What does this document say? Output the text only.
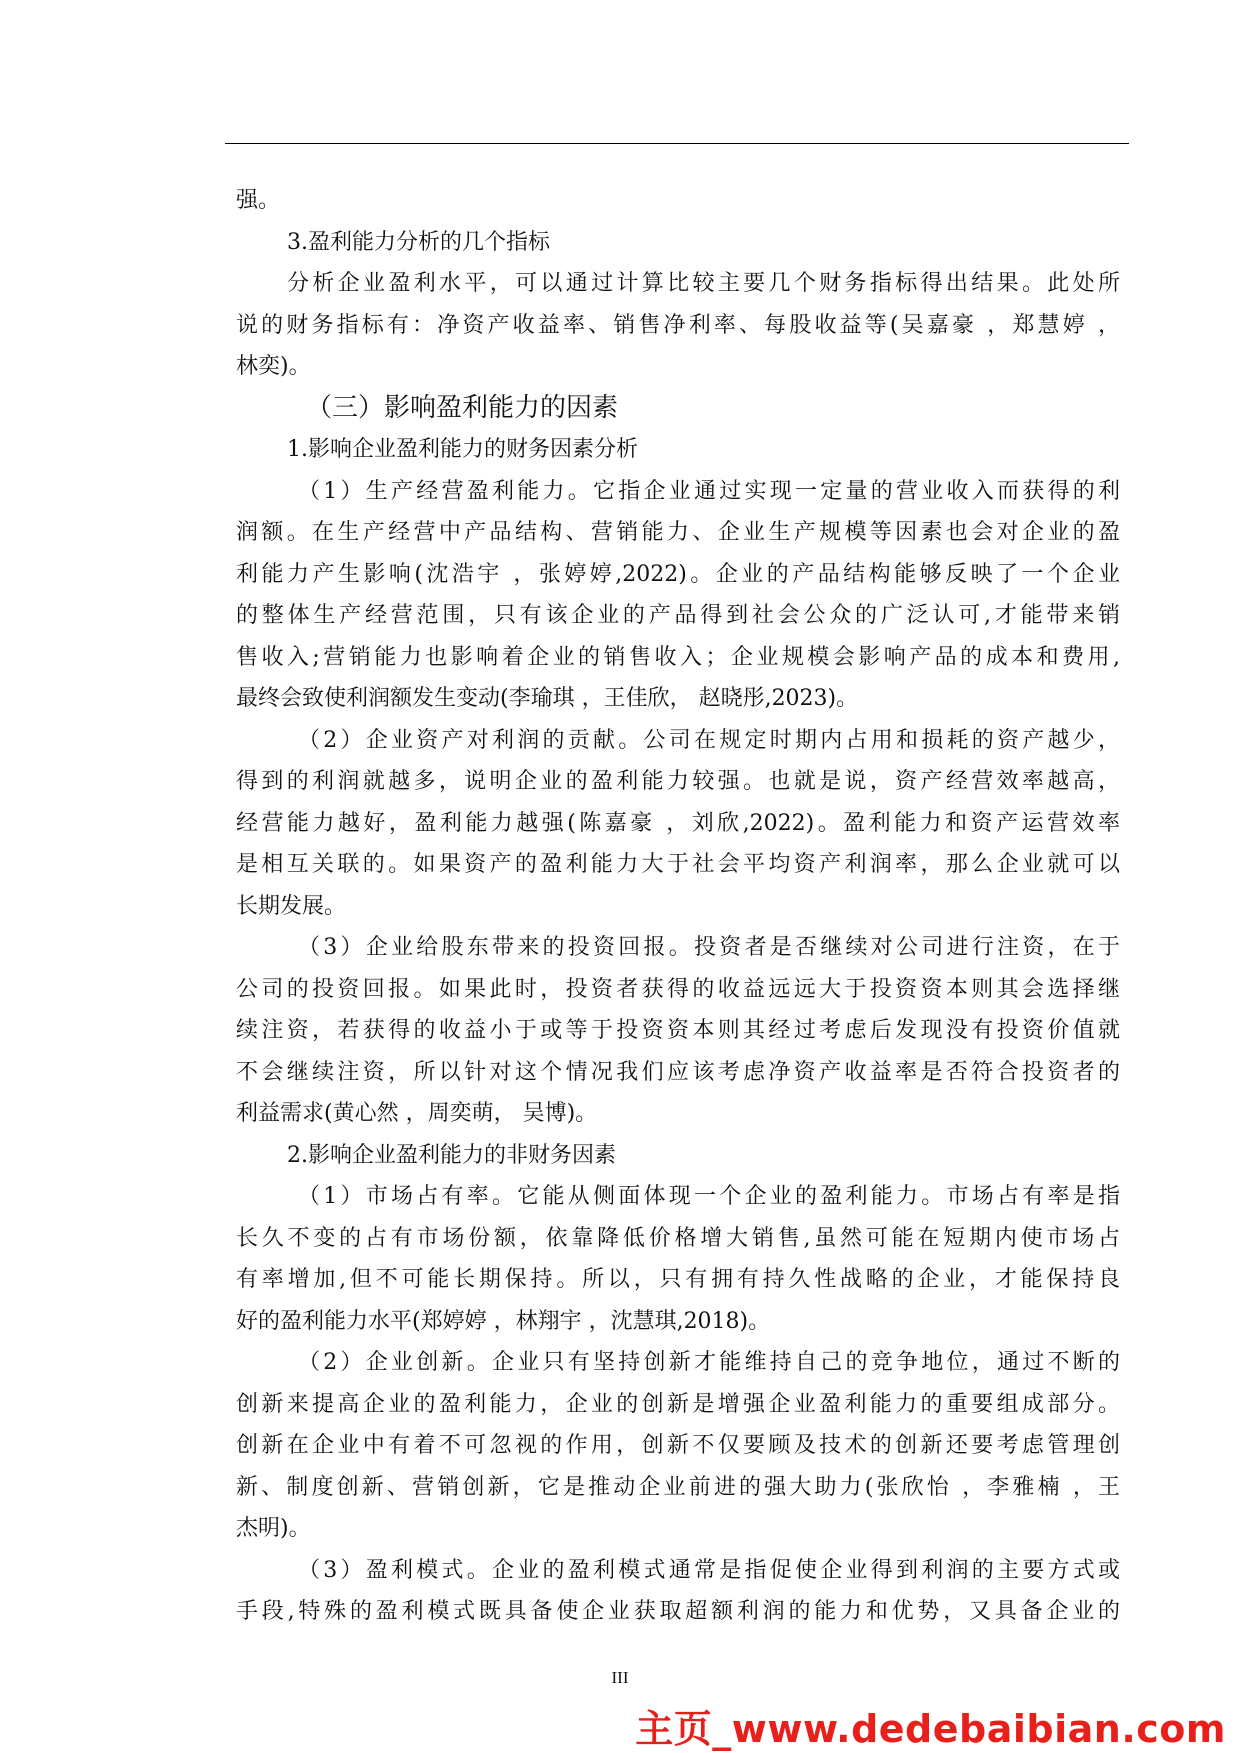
强。
3.盈利能力分析的几个指标
分析企业盈利水平，可以通过计算比较主要几个财务指标得出结果。此处所
说的财务指标有：净资产收益率、销售净利率、每股收益等(吴嘉豪 ，郑慧婷 ，
林奕)。
（三）影响盈利能力的因素
1.影响企业盈利能力的财务因素分析
（1）生产经营盈利能力。它指企业通过实现一定量的营业收入而获得的利
润额。在生产经营中产品结构、营销能力、企业生产规模等因素也会对企业的盈
利能力产生影响(沈浩宇 ，张婷婷,2022)。企业的产品结构能够反映了一个企业
的整体生产经营范围，只有该企业的产品得到社会公众的广泛认可,才能带来销
售收入;营销能力也影响着企业的销售收入；企业规模会影响产品的成本和费用,
最终会致使利润额发生变动(李瑜琪 ，王佳欣， 赵晓彤,2023)。
（2）企业资产对利润的贡献。公司在规定时期内占用和损耗的资产越少，
得到的利润就越多，说明企业的盈利能力较强。也就是说，资产经营效率越高，
经营能力越好，盈利能力越强(陈嘉豪 ，刘欣,2022)。盈利能力和资产运营效率
是相互关联的。如果资产的盈利能力大于社会平均资产利润率，那么企业就可以
长期发展。
（3）企业给股东带来的投资回报。投资者是否继续对公司进行注资，在于
公司的投资回报。如果此时，投资者获得的收益远远大于投资资本则其会选择继
续注资，若获得的收益小于或等于投资资本则其经过考虑后发现没有投资价值就
不会继续注资，所以针对这个情况我们应该考虑净资产收益率是否符合投资者的
利益需求(黄心然 ，周奕萌， 吴博)。
2.影响企业盈利能力的非财务因素
（1）市场占有率。它能从侧面体现一个企业的盈利能力。市场占有率是指
长久不变的占有市场份额，依靠降低价格增大销售,虽然可能在短期内使市场占
有率增加,但不可能长期保持。所以，只有拥有持久性战略的企业，才能保持良
好的盈利能力水平(郑婷婷 ，林翔宇 ，沈慧琪,2018)。
（2）企业创新。企业只有坚持创新才能维持自己的竞争地位，通过不断的
创新来提高企业的盈利能力，企业的创新是增强企业盈利能力的重要组成部分。
创新在企业中有着不可忽视的作用，创新不仅要顾及技术的创新还要考虑管理创
新、制度创新、营销创新，它是推动企业前进的强大助力(张欣怡 ，李雅楠 ，王
杰明)。
（3）盈利模式。企业的盈利模式通常是指促使企业得到利润的主要方式或
手段,特殊的盈利模式既具备使企业获取超额利润的能力和优势，又具备企业的
III
主页_www.dedebaibian.com
